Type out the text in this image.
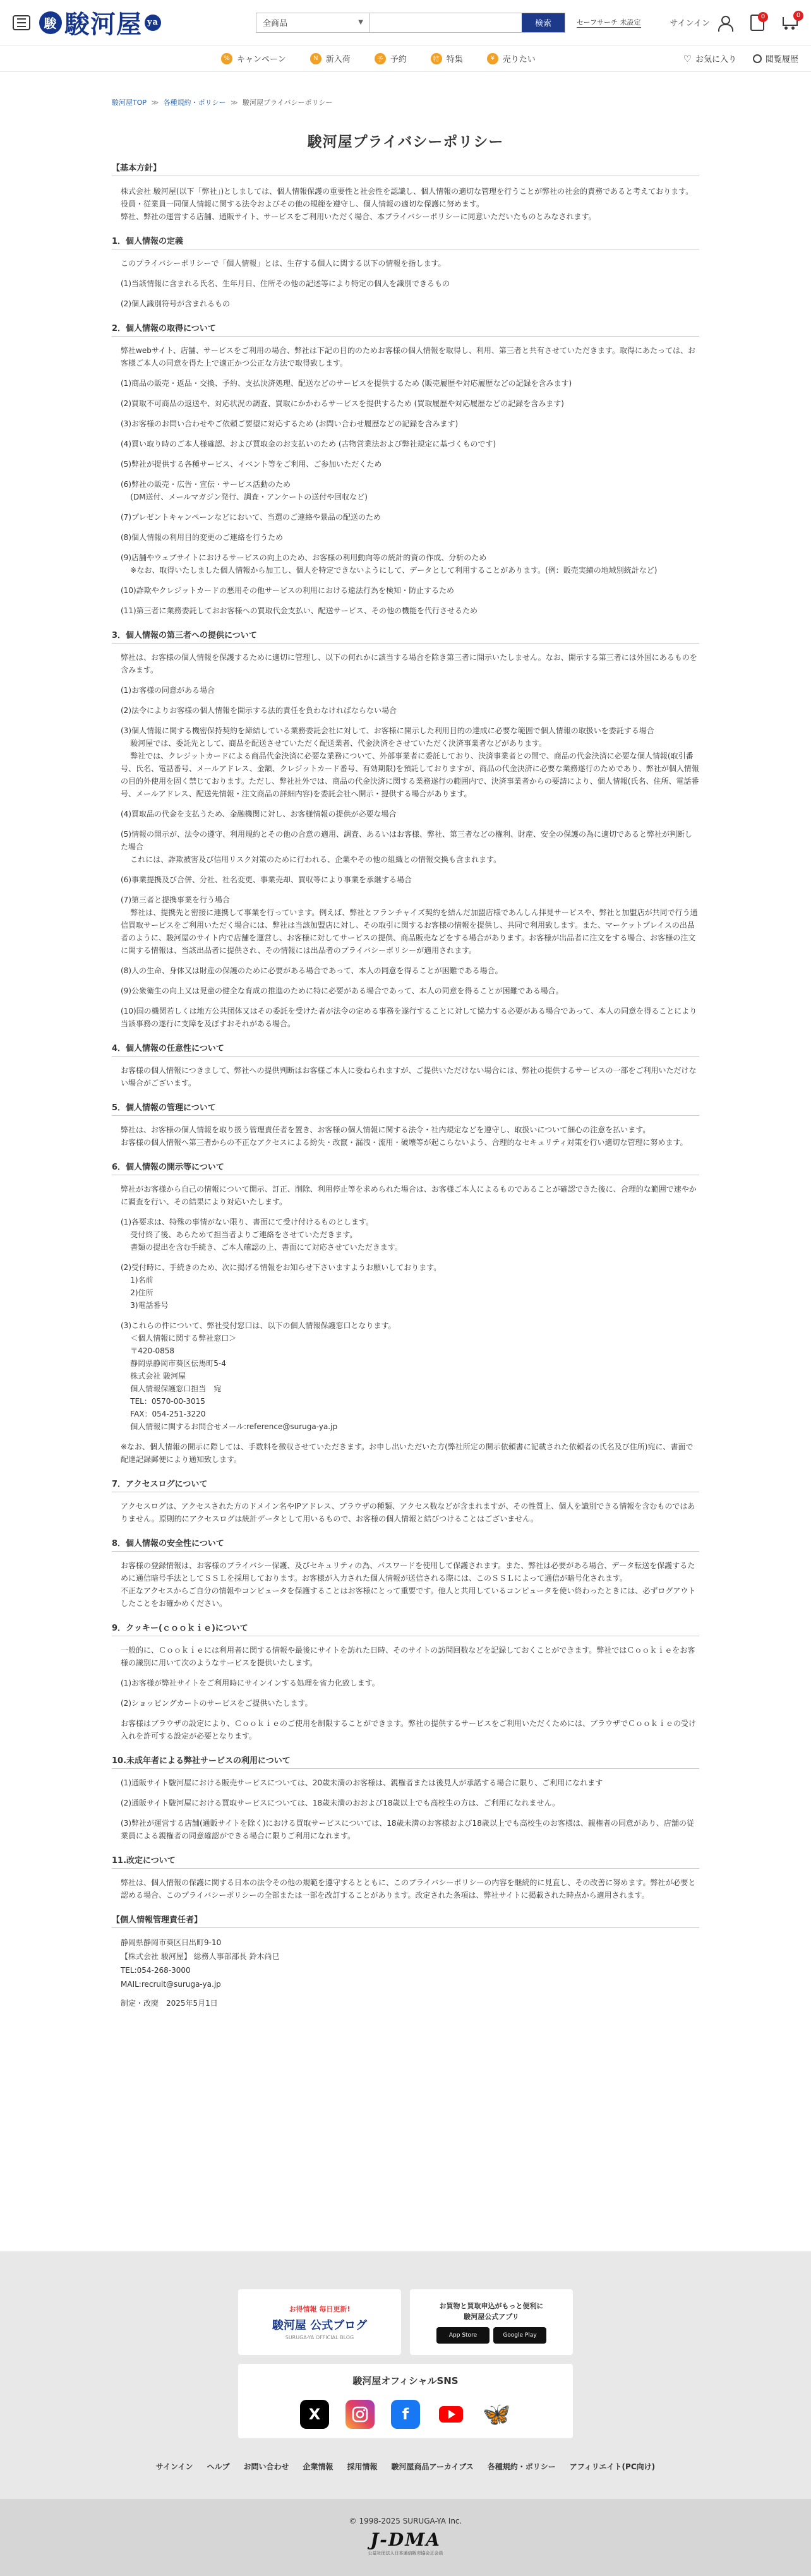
駿 駿河屋 ya	全商品	▼	検索	セーフサーチ 未設定	サインイン
0	0
% キャンペーン	N 新入荷	予 予約	特 特集	¥ 売りたい	♡ お気に入り	閲覧履歴
駿河屋TOP ≫ 各種規約・ポリシー ≫ 駿河屋プライバシーポリシー
駿河屋プライバシーポリシー
【基本方針】

株式会社 駿河屋(以下「弊社」)としましては、個人情報保護の重要性と社会性を認識し、個人情報の適切な管理を行うことが弊社の社会的責務であると考えております。
役員・従業員一同個人情報に関する法令およびその他の規範を遵守し、個人情報の適切な保護に努めます。
弊社、弊社の運営する店舗、通販サイト、サービスをご利用いただく場合、本プライバシーポリシーに同意いただいたものとみなされます。

1．個人情報の定義

このプライバシーポリシーで「個人情報」とは、生存する個人に関する以下の情報を指します。

(1)当該情報に含まれる氏名、生年月日、住所その他の記述等により特定の個人を識別できるもの

(2)個人識別符号が含まれるもの

2．個人情報の取得について

弊社webサイト、店舗、サービスをご利用の場合、弊社は下記の目的のためお客様の個人情報を取得し、利用、第三者と共有させていただきます。取得にあたっては、お客様ご本人の同意を得た上で適正かつ公正な方法で取得致します。

(1)商品の販売・返品・交換、予約、支払決済処理、配送などのサービスを提供するため (販売履歴や対応履歴などの記録を含みます)

(2)買取不可商品の返送や、対応状況の調査、買取にかかわるサービスを提供するため (買取履歴や対応履歴などの記録を含みます)

(3)お客様のお問い合わせやご依頼ご要望に対応するため (お問い合わせ履歴などの記録を含みます)

(4)買い取り時のご本人様確認、および買取金のお支払いのため (古物営業法および弊社規定に基づくものです)

(5)弊社が提供する各種サービス、イベント等をご利用、ご参加いただくため

(6)弊社の販売・広告・宣伝・サービス活動のため
(DM送付、メールマガジン発行、調査・アンケートの送付や回収など)

(7)プレゼントキャンペーンなどにおいて、当選のご連絡や景品の配送のため

(8)個人情報の利用目的変更のご連絡を行うため

(9)店舗やウェブサイトにおけるサービスの向上のため、お客様の利用動向等の統計的資の作成、分析のため
※なお、取得いたしました個人情報から加工し、個人を特定できないようにして、データとして利用することがあります。(例：販売実績の地域別統計など)

(10)詐欺やクレジットカードの悪用その他サービスの利用における違法行為を検知・防止するため

(11)第三者に業務委託しておお客様への買取代金支払い、配送サービス、その他の機能を代行させるため

3．個人情報の第三者への提供について

弊社は、お客様の個人情報を保護するために適切に管理し、以下の何れかに該当する場合を除き第三者に開示いたしません。なお、開示する第三者には外国にあるものを含みます。

(1)お客様の同意がある場合

(2)法令によりお客様の個人情報を開示する法的責任を負わなければならない場合

(3)個人情報に関する機密保持契約を締結している業務委託会社に対して、お客様に開示した利用目的の達成に必要な範囲で個人情報の取扱いを委託する場合
駿河屋では、委託先として、商品を配送させていただく配送業者、代金決済をさせていただく決済事業者などがあります。
弊社では、クレジットカードによる商品代金決済に必要な業務について、外部事業者に委託しており、決済事業者との間で、商品の代金決済に必要な個人情報(取引番号、氏名、電話番号、メールアドレス、金額、クレジットカード番号、有効期限)を預託しておりますが、商品の代金決済に必要な業務遂行のためであり、弊社が個人情報の目的外使用を固く禁じております。ただし、弊社社外では、商品の代金決済に関する業務遂行の範囲内で、決済事業者からの要請により、個人情報(氏名、住所、電話番号、メールアドレス、配送先情報・注文商品の詳細内容)を委託会社へ開示・提供する場合があります。

(4)買取品の代金を支払うため、金融機関に対し、お客様情報の提供が必要な場合

(5)情報の開示が、法令の遵守、利用規約とその他の合意の適用、調査、あるいはお客様、弊社、第三者などの権利、財産、安全の保護の為に適切であると弊社が判断した場合
これには、詐欺被害及び信用リスク対策のために行われる、企業やその他の組織との情報交換も含まれます。

(6)事業提携及び合併、分社、社名変更、事業売却、買収等により事業を承継する場合

(7)第三者と提携事業を行う場合
弊社は、提携先と密接に連携して事業を行っています。例えば、弊社とフランチャイズ契約を結んだ加盟店様であんしん拝見サービスや、弊社と加盟店が共同で行う通信買取サービスをご利用いただく場合には、弊社は当該加盟店に対し、その取引に関するお客様の情報を提供し、共同で利用致します。また、マーケットプレイスの出品者のように、駿河屋のサイト内で店舗を運営し、お客様に対してサービスの提供、商品販売などをする場合があります。お客様が出品者に注文をする場合、お客様の注文に関する情報は、当該出品者に提供され、その情報には出品者のプライバシーポリシーが適用されます。

(8)人の生命、身体又は財産の保護のために必要がある場合であって、本人の同意を得ることが困難である場合。

(9)公衆衛生の向上又は児童の健全な育成の推進のために特に必要がある場合であって、本人の同意を得ることが困難である場合。

(10)国の機関若しくは地方公共団体又はその委託を受けた者が法令の定める事務を遂行することに対して協力する必要がある場合であって、本人の同意を得ることにより当該事務の遂行に支障を及ぼすおそれがある場合。

4．個人情報の任意性について

お客様の個人情報につきまして、弊社への提供判断はお客様ご本人に委ねられますが、ご提供いただけない場合には、弊社の提供するサービスの一部をご利用いただけない場合がございます。

5．個人情報の管理について

弊社は、お客様の個人情報を取り扱う管理責任者を置き、お客様の個人情報に関する法令・社内規定などを遵守し、取扱いについて細心の注意を払います。
お客様の個人情報へ第三者からの不正なアクセスによる紛失・改竄・漏洩・流用・破壊等が起こらないよう、合理的なセキュリティ対策を行い適切な管理に努めます。

6．個人情報の開示等について

弊社がお客様から自己の情報について開示、訂正、削除、利用停止等を求められた場合は、お客様ご本人によるものであることが確認できた後に、合理的な範囲で速やかに調査を行い、その結果により対応いたします。

(1)各要求は、特殊の事情がない限り、書面にて受け付けるものとします。
受付終了後、あらためて担当者よりご連絡をさせていただきます。
書類の提出を含む手続き、ご本人確認の上、書面にて対応させていただきます。

(2)受付時に、手続きのため、次に掲げる情報をお知らせ下さいますようお願いしております。
1)名前
2)住所
3)電話番号

(3)これらの件について、弊社受付窓口は、以下の個人情報保護窓口となります。
＜個人情報に関する弊社窓口＞
〒420-0858
静岡県静岡市葵区伝馬町5-4
株式会社 駿河屋
個人情報保護窓口担当　宛
TEL：0570-00-3015
FAX：054-251-3220
個人情報に関するお問合せメール:reference@suruga-ya.jp

※なお、個人情報の開示に際しては、手数料を徴収させていただきます。お申し出いただいた方(弊社所定の開示依頼書に記載された依頼者の氏名及び住所)宛に、書面で配達記録郵便により通知致します。

7．アクセスログについて

アクセスログは、アクセスされた方のドメイン名やIPアドレス、ブラウザの種類、アクセス数などが含まれますが、その性質上、個人を識別できる情報を含むものではありません。原則的にアクセスログは統計データとして用いるもので、お客様の個人情報と結びつけることはございません。

8．個人情報の安全性について

お客様の登録情報は、お客様のプライバシー保護、及びセキュリティの為、パスワードを使用して保護されます。また、弊社は必要がある場合、データ転送を保護するために通信暗号手法としてＳＳＬを採用しております。お客様が入力された個人情報が送信される際には、このＳＳＬによって通信が暗号化されます。
不正なアクセスからご自分の情報やコンピュータを保護することはお客様にとって重要です。他人と共用しているコンピュータを使い終わったときには、必ずログアウトしたことをお確かめください。

9．クッキー(ｃｏｏｋｉｅ)について

一般的に、Ｃｏｏｋｉｅには利用者に関する情報や最後にサイトを訪れた日時、そのサイトの訪問回数などを記録しておくことができます。弊社ではＣｏｏｋｉｅをお客様の識別に用いて次のようなサービスを提供いたします。

(1)お客様が弊社サイトをご利用時にサインインする処理を省力化致します。

(2)ショッピングカートのサービスをご提供いたします。

お客様はブラウザの設定により、Ｃｏｏｋｉｅのご使用を制限することができます。弊社の提供するサービスをご利用いただくためには、ブラウザでＣｏｏｋｉｅの受け入れを許可する設定が必要となります。

10.未成年者による弊社サービスの利用について

(1)通販サイト駿河屋における販売サービスについては、20歳未満のお客様は、親権者または後見人が承諾する場合に限り、ご利用になれます

(2)通販サイト駿河屋における買取サービスについては、18歳未満のおおよび18歳以上でも高校生の方は、ご利用になれません。

(3)弊社が運営する店舗(通販サイトを除く)における買取サービスについては、18歳未満のお客様および18歳以上でも高校生のお客様は、親権者の同意があり、店舗の従業員による親権者の同意確認ができる場合に限りご利用になれます。

11.改定について

弊社は、個人情報の保護に関する日本の法令その他の規範を遵守するとともに、このプライバシーポリシーの内容を継続的に見直し、その改善に努めます。弊社が必要と認める場合、このプライバシーポリシーの全部または一部を改訂することがあります。改定された条項は、弊社サイトに掲載された時点から適用されます。

【個人情報管理責任者】
静岡県静岡市葵区日出町9-10
【株式会社 駿河屋】 総務人事部部長 鈴木尚巳
TEL:054-268-3000
MAIL:recruit@suruga-ya.jp
制定・改廃　2025年5月1日
お得情報 毎日更新!
駿河屋 公式ブログ
SURUGA-YA OFFICIAL BLOG
お買物と買取申込がもっと便利に
駿河屋公式アプリ
App Store	Google Play
駿河屋オフィシャルSNS
X	f	🦋
サインイン ヘルプ お問い合わせ 企業情報 採用情報 駿河屋商品アーカイブス 各種規約・ポリシー アフィリエイト(PC向け)
© 1998-2025 SURUGA-YA Inc.
J-DMA
公益社団法人日本通信販売協会正会員
